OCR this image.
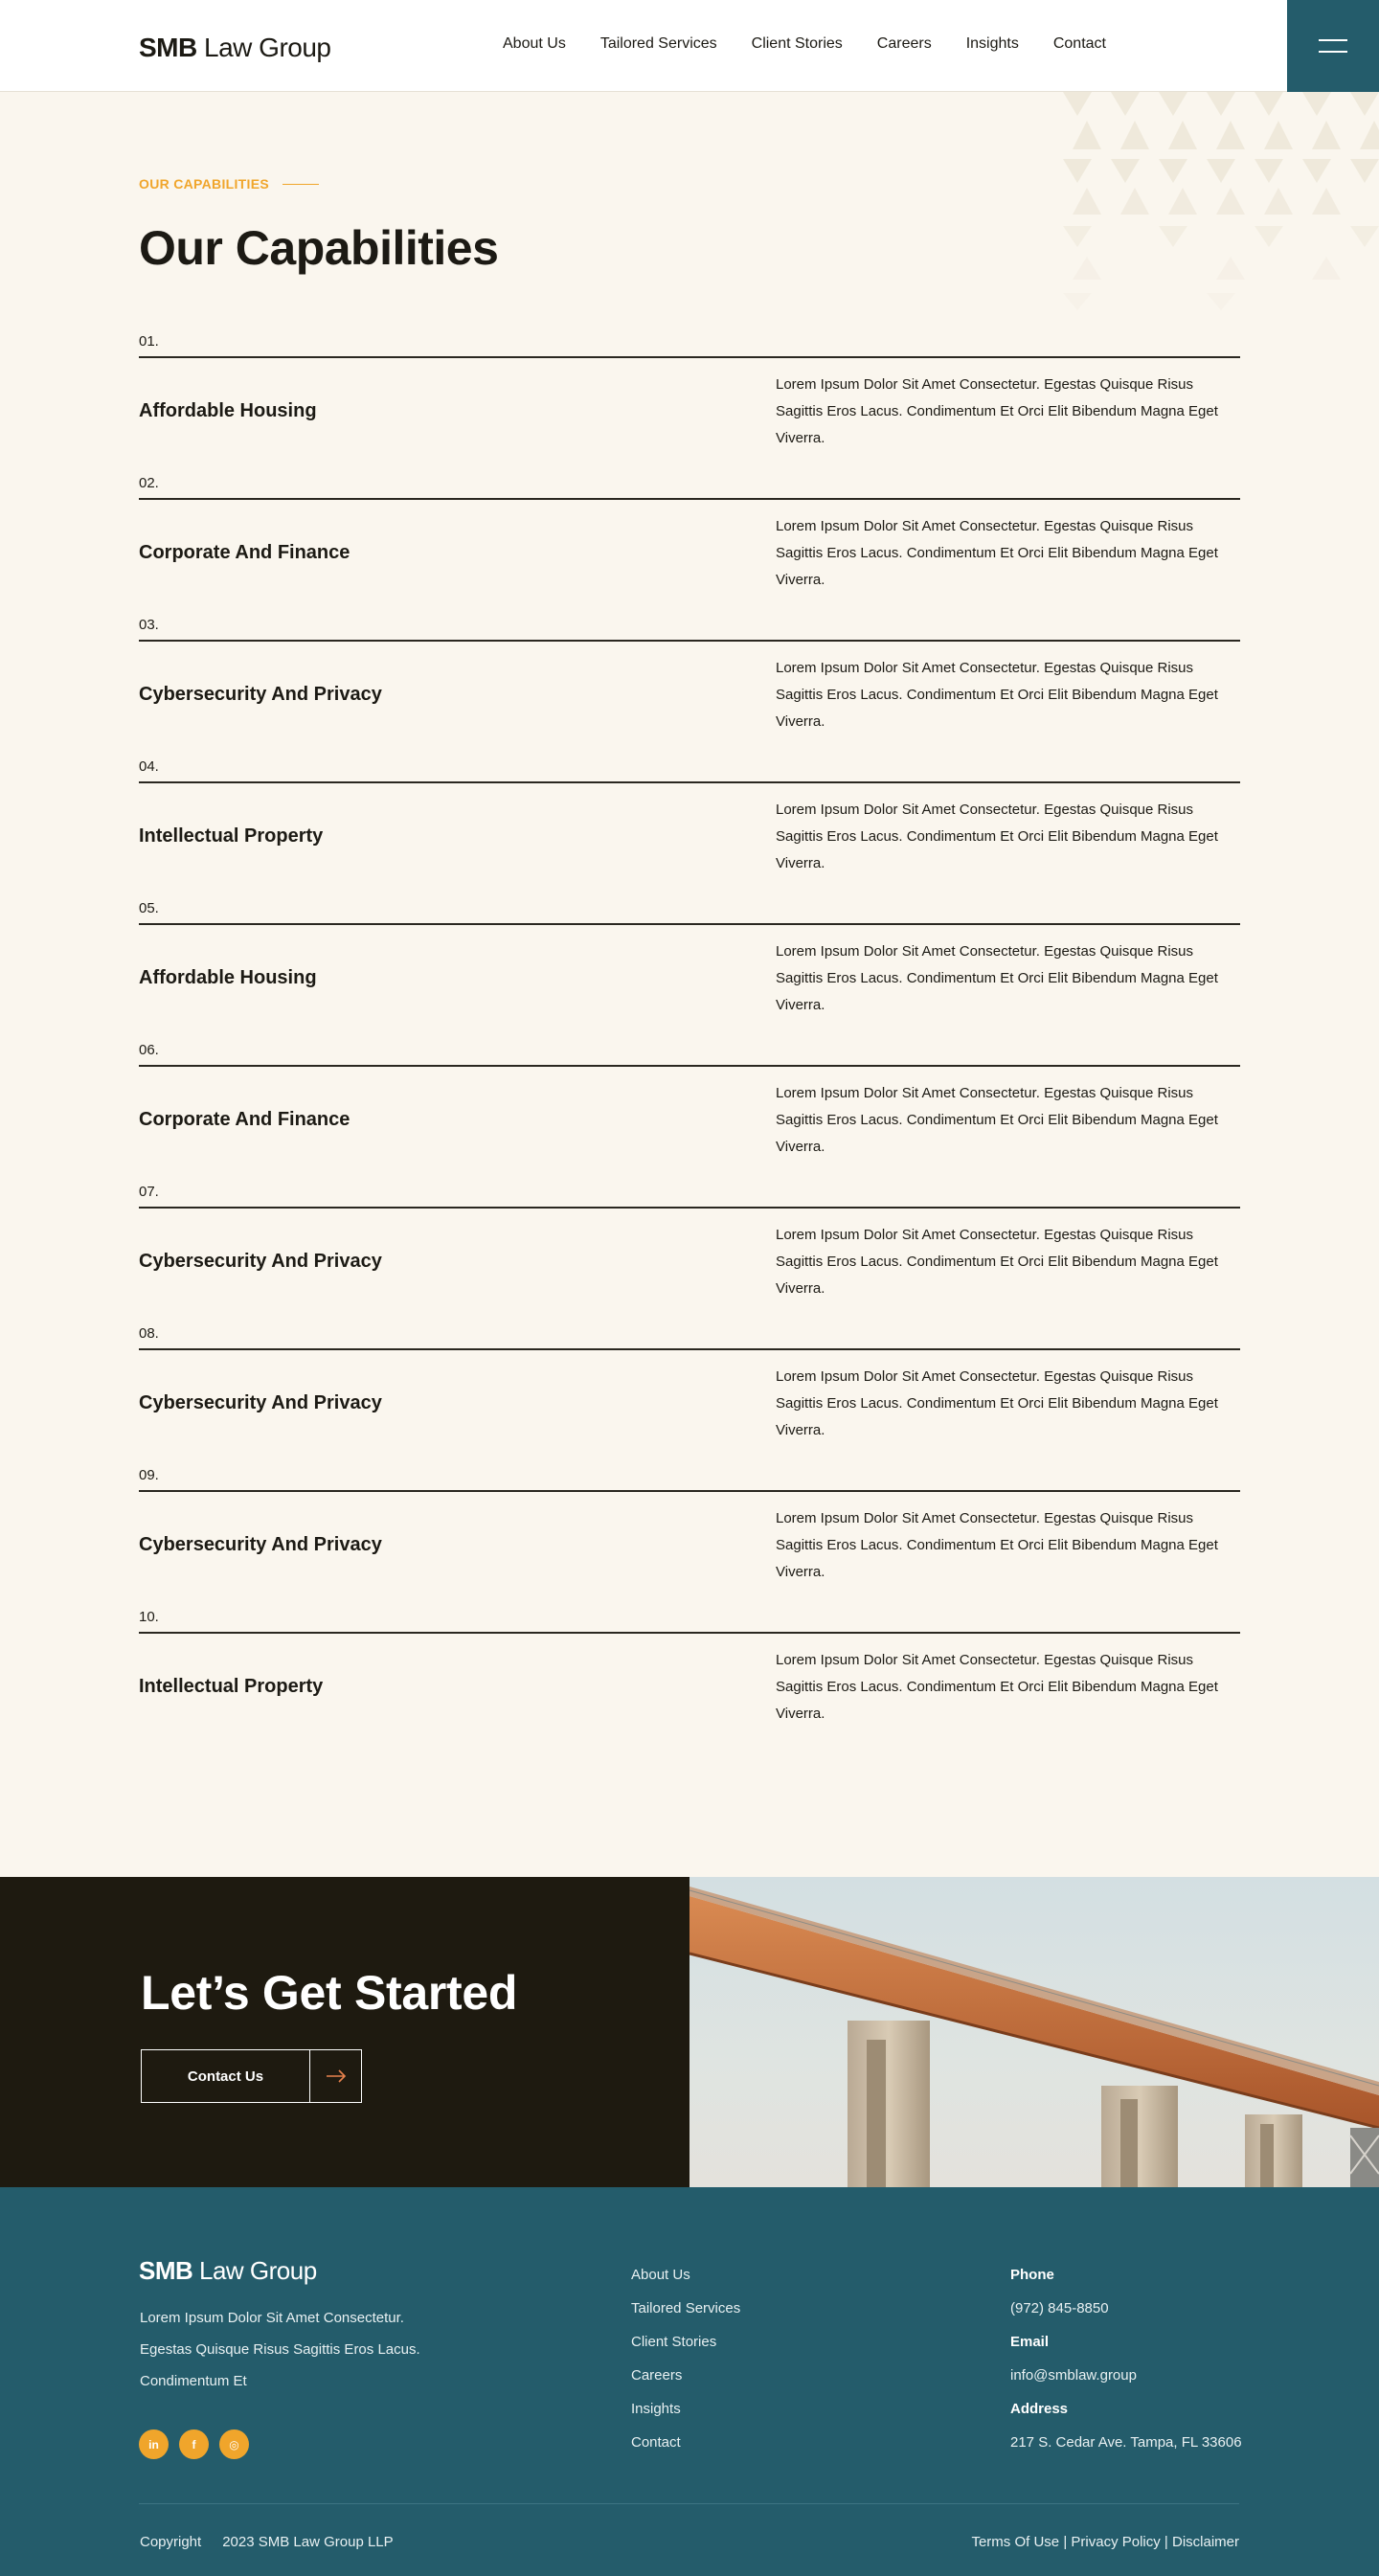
SMB Law Group	About Us Tailored Services Client Stories Careers Insights Contact
OUR CAPABILITIES
Our Capabilities
01.
Affordable Housing

Lorem Ipsum Dolor Sit Amet Consectetur. Egestas Quisque Risus Sagittis Eros Lacus. Condimentum Et Orci Elit Bibendum Magna Eget Viverra.

02.
Corporate And Finance

Lorem Ipsum Dolor Sit Amet Consectetur. Egestas Quisque Risus Sagittis Eros Lacus. Condimentum Et Orci Elit Bibendum Magna Eget Viverra.

03.
Cybersecurity And Privacy

Lorem Ipsum Dolor Sit Amet Consectetur. Egestas Quisque Risus Sagittis Eros Lacus. Condimentum Et Orci Elit Bibendum Magna Eget Viverra.

04.
Intellectual Property

Lorem Ipsum Dolor Sit Amet Consectetur. Egestas Quisque Risus Sagittis Eros Lacus. Condimentum Et Orci Elit Bibendum Magna Eget Viverra.

05.
Affordable Housing

Lorem Ipsum Dolor Sit Amet Consectetur. Egestas Quisque Risus Sagittis Eros Lacus. Condimentum Et Orci Elit Bibendum Magna Eget Viverra.

06.
Corporate And Finance

Lorem Ipsum Dolor Sit Amet Consectetur. Egestas Quisque Risus Sagittis Eros Lacus. Condimentum Et Orci Elit Bibendum Magna Eget Viverra.

07.
Cybersecurity And Privacy

Lorem Ipsum Dolor Sit Amet Consectetur. Egestas Quisque Risus Sagittis Eros Lacus. Condimentum Et Orci Elit Bibendum Magna Eget Viverra.

08.
Cybersecurity And Privacy

Lorem Ipsum Dolor Sit Amet Consectetur. Egestas Quisque Risus Sagittis Eros Lacus. Condimentum Et Orci Elit Bibendum Magna Eget Viverra.

09.
Cybersecurity And Privacy

Lorem Ipsum Dolor Sit Amet Consectetur. Egestas Quisque Risus Sagittis Eros Lacus. Condimentum Et Orci Elit Bibendum Magna Eget Viverra.

10.
Intellectual Property

Lorem Ipsum Dolor Sit Amet Consectetur. Egestas Quisque Risus Sagittis Eros Lacus. Condimentum Et Orci Elit Bibendum Magna Eget Viverra.

Let’s Get Started
Contact Us
SMB Law Group

Lorem Ipsum Dolor Sit Amet Consectetur. Egestas Quisque Risus Sagittis Eros Lacus. Condimentum Et

in	f	◎
About Us
Tailored Services
Client Stories
Careers
Insights
Contact
Phone
(972) 845-8850
Email
info@smblaw.group
Address
217 S. Cedar Ave. Tampa, FL 33606
Copyright 2023 SMB Law Group LLP	Terms Of Use | Privacy Policy | Disclaimer
